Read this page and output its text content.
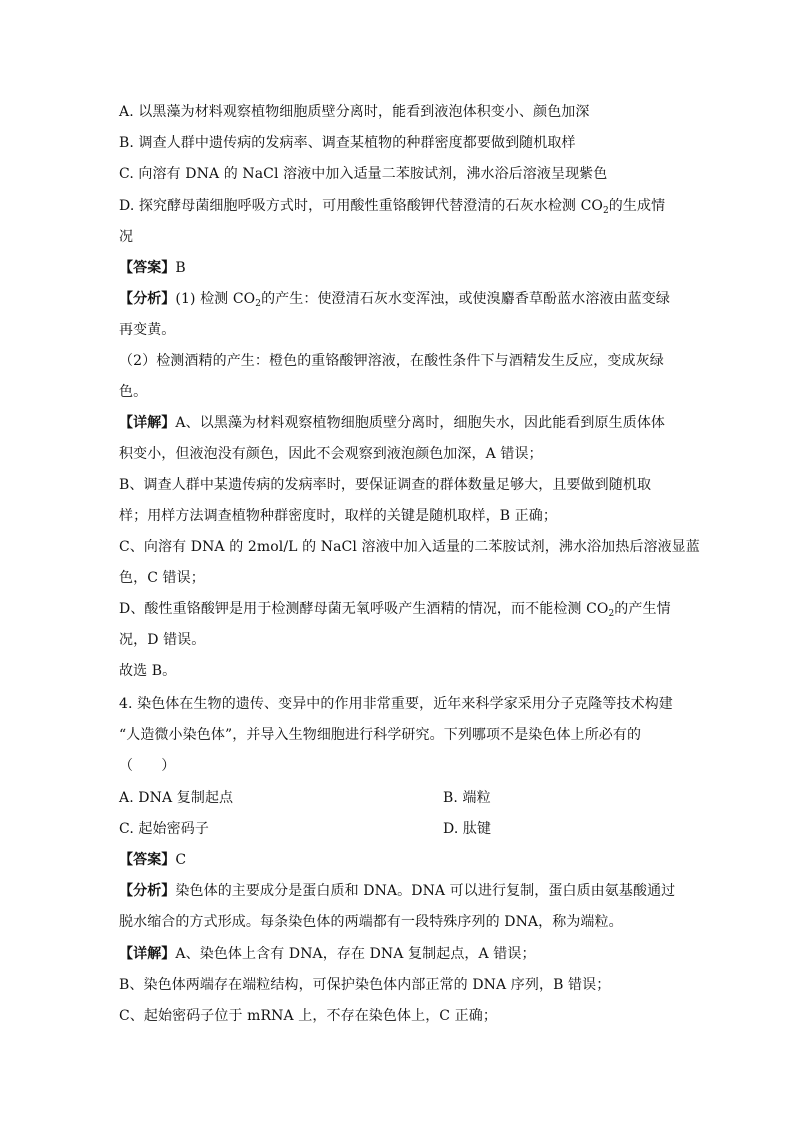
A. 以黑藻为材料观察植物细胞质壁分离时，能看到液泡体积变小、颜色加深
B. 调查人群中遗传病的发病率、调查某植物的种群密度都要做到随机取样
C. 向溶有 DNA 的 NaCl 溶液中加入适量二苯胺试剂，沸水浴后溶液呈现紫色
D. 探究酵母菌细胞呼吸方式时，可用酸性重铬酸钾代替澄清的石灰水检测 $CO_2$的生成情
况
【答案】B
【分析】(1) 检测 $CO_2$的产生：使澄清石灰水变浑浊，或使溴麝香草酚蓝水溶液由蓝变绿
再变黄。
（2）检测酒精的产生：橙色的重铬酸钾溶液，在酸性条件下与酒精发生反应，变成灰绿
色。
【详解】A、以黑藻为材料观察植物细胞质壁分离时，细胞失水，因此能看到原生质体体
积变小，但液泡没有颜色，因此不会观察到液泡颜色加深，A 错误；
B、调查人群中某遗传病的发病率时，要保证调查的群体数量足够大，且要做到随机取
样；用样方法调查植物种群密度时，取样的关键是随机取样，B 正确；
C、向溶有 DNA 的 2mol/L 的 NaCl 溶液中加入适量的二苯胺试剂，沸水浴加热后溶液显蓝
色，C 错误；
D、酸性重铬酸钾是用于检测酵母菌无氧呼吸产生酒精的情况，而不能检测 $CO_2$的产生情
况，D 错误。
故选 B。
4. 染色体在生物的遗传、变异中的作用非常重要，近年来科学家采用分子克隆等技术构建
“人造微小染色体”，并导入生物细胞进行科学研究。下列哪项不是染色体上所必有的
（　　）
A. DNA 复制起点	B. 端粒
C. 起始密码子	D. 肽键
【答案】C
【分析】染色体的主要成分是蛋白质和 DNA。DNA 可以进行复制，蛋白质由氨基酸通过
脱水缩合的方式形成。每条染色体的两端都有一段特殊序列的 DNA，称为端粒。
【详解】A、染色体上含有 DNA，存在 DNA 复制起点，A 错误；
B、染色体两端存在端粒结构，可保护染色体内部正常的 DNA 序列，B 错误；
C、起始密码子位于 mRNA 上，不存在染色体上，C 正确；
